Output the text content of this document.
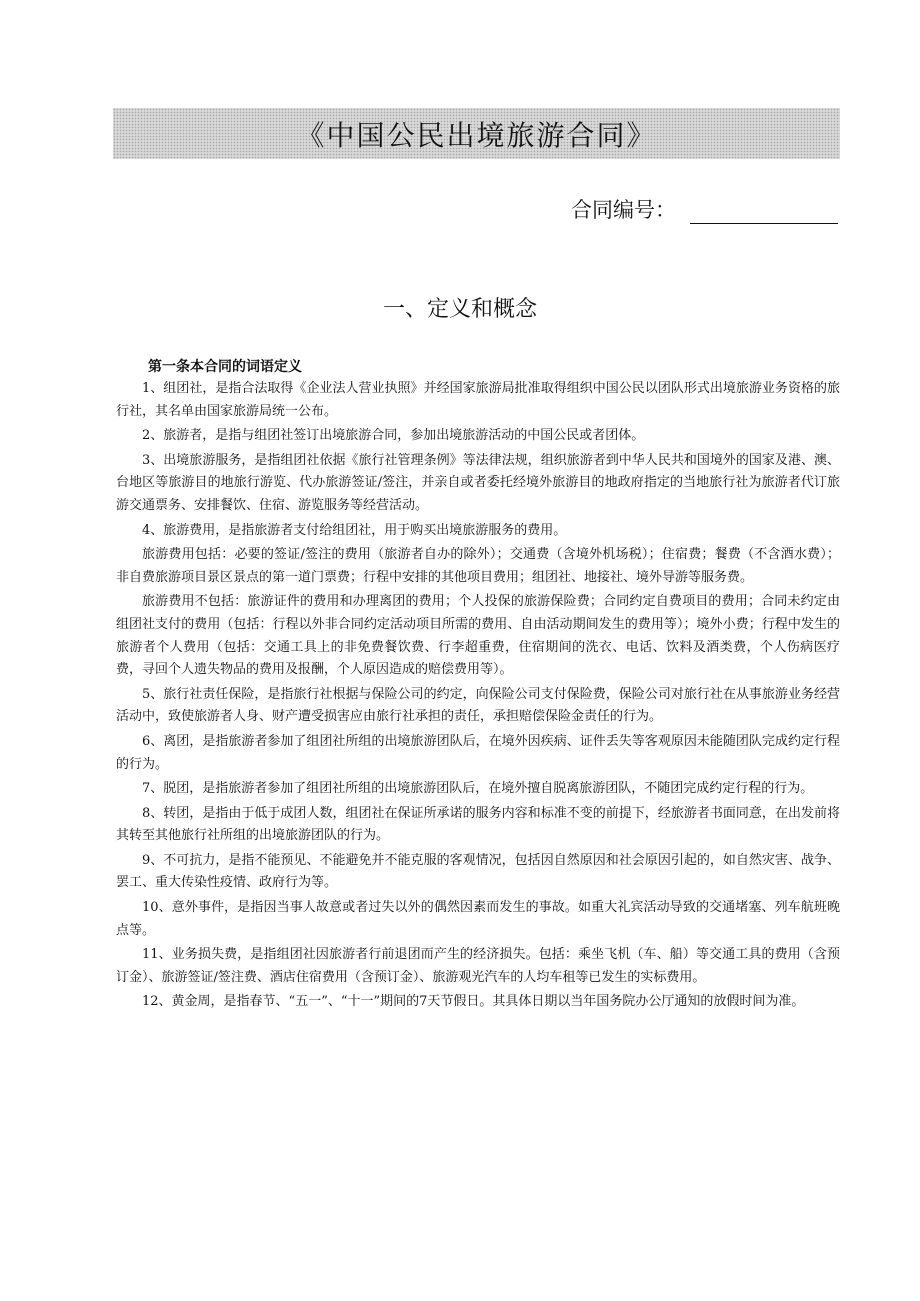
《中国公民出境旅游合同》
合同编号：
一、定义和概念
第一条本合同的词语定义

1、组团社，是指合法取得《企业法人营业执照》并经国家旅游局批准取得组织中国公民以团队形式出境旅游业务资格的旅行社，其名单由国家旅游局统一公布。

2、旅游者，是指与组团社签订出境旅游合同，参加出境旅游活动的中国公民或者团体。

3、出境旅游服务，是指组团社依据《旅行社管理条例》等法律法规，组织旅游者到中华人民共和国境外的国家及港、澳、台地区等旅游目的地旅行游览、代办旅游签证/签注，并亲自或者委托经境外旅游目的地政府指定的当地旅行社为旅游者代订旅游交通票务、安排餐饮、住宿、游览服务等经营活动。

4、旅游费用，是指旅游者支付给组团社，用于购买出境旅游服务的费用。

旅游费用包括：必要的签证/签注的费用（旅游者自办的除外）；交通费（含境外机场税）；住宿费；餐费（不含酒水费）；非自费旅游项目景区景点的第一道门票费；行程中安排的其他项目费用；组团社、地接社、境外导游等服务费。

旅游费用不包括：旅游证件的费用和办理离团的费用；个人投保的旅游保险费；合同约定自费项目的费用；合同未约定由组团社支付的费用（包括：行程以外非合同约定活动项目所需的费用、自由活动期间发生的费用等）；境外小费；行程中发生的旅游者个人费用（包括：交通工具上的非免费餐饮费、行李超重费，住宿期间的洗衣、电话、饮料及酒类费，个人伤病医疗费，寻回个人遗失物品的费用及报酬，个人原因造成的赔偿费用等）。

5、旅行社责任保险，是指旅行社根据与保险公司的约定，向保险公司支付保险费，保险公司对旅行社在从事旅游业务经营活动中，致使旅游者人身、财产遭受损害应由旅行社承担的责任，承担赔偿保险金责任的行为。

6、离团，是指旅游者参加了组团社所组的出境旅游团队后，在境外因疾病、证件丢失等客观原因未能随团队完成约定行程的行为。

7、脱团，是指旅游者参加了组团社所组的出境旅游团队后，在境外擅自脱离旅游团队，不随团完成约定行程的行为。

8、转团，是指由于低于成团人数，组团社在保证所承诺的服务内容和标准不变的前提下，经旅游者书面同意，在出发前将其转至其他旅行社所组的出境旅游团队的行为。

9、不可抗力，是指不能预见、不能避免并不能克服的客观情况，包括因自然原因和社会原因引起的，如自然灾害、战争、罢工、重大传染性疫情、政府行为等。

10、意外事件，是指因当事人故意或者过失以外的偶然因素而发生的事故。如重大礼宾活动导致的交通堵塞、列车航班晚点等。

11、业务损失费，是指组团社因旅游者行前退团而产生的经济损失。包括：乘坐飞机（车、船）等交通工具的费用（含预订金）、旅游签证/签注费、酒店住宿费用（含预订金）、旅游观光汽车的人均车租等已发生的实标费用。

12、黄金周，是指春节、“五一”、“十一”期间的7天节假日。其具体日期以当年国务院办公厅通知的放假时间为准。
